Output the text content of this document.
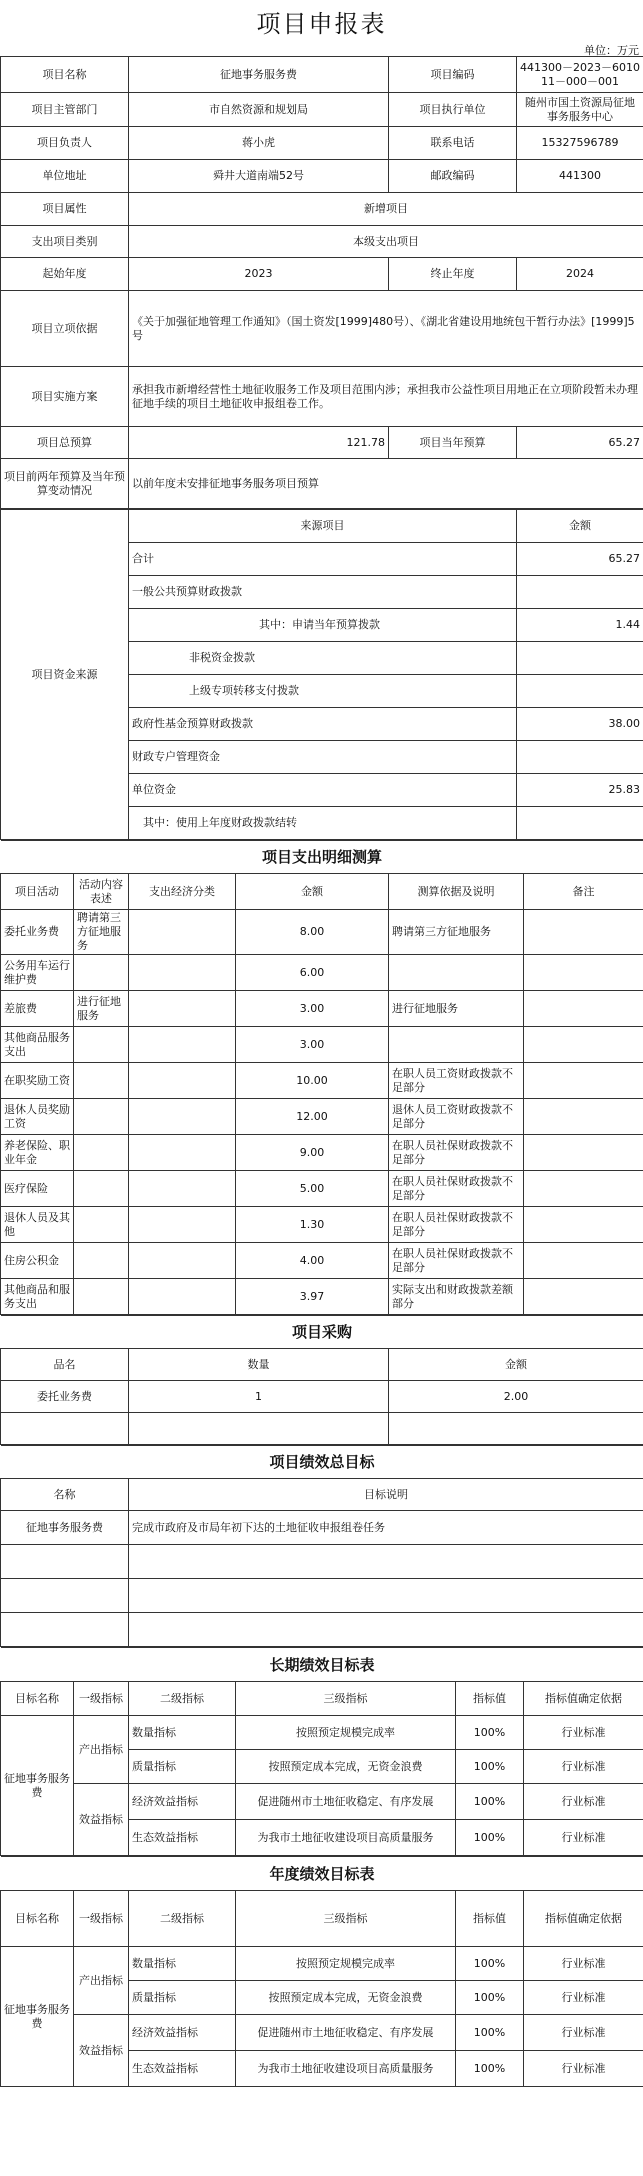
项目申报表
单位：万元
项目名称	征地事务服务费	项目编码	441300－2023－601011－000－001
项目主管部门	市自然资源和规划局	项目执行单位	随州市国土资源局征地事务服务中心
项目负责人	蒋小虎	联系电话	15327596789
单位地址	舜井大道南端52号	邮政编码	441300
项目属性	新增项目		
支出项目类别	本级支出项目		
起始年度	2023	终止年度	2024
项目立项依据	《关于加强征地管理工作通知》（国土资发[1999]480号）、《湖北省建设用地统包干暂行办法》[1999]5号		
项目实施方案	承担我市新增经营性土地征收服务工作及项目范围内涉；承担我市公益性项目用地正在立项阶段暂未办理征地手续的项目土地征收申报组卷工作。		
项目总预算	121.78	项目当年预算	65.27
项目前两年预算及当年预算变动情况	以前年度未安排征地事务服务项目预算		
项目资金来源	来源项目	金额
	合计	65.27
	一般公共预算财政拨款	
	其中：申请当年预算拨款	1.44
	非税资金拨款	
	上级专项转移支付拨款	
	政府性基金预算财政拨款	38.00
	财政专户管理资金	
	单位资金	25.83
	其中：使用上年度财政拨款结转	
项目支出明细测算					
项目活动	活动内容表述	支出经济分类	金额	测算依据及说明	备注
委托业务费	聘请第三方征地服务		8.00	聘请第三方征地服务	
公务用车运行维护费			6.00		
差旅费	进行征地服务		3.00	进行征地服务	
其他商品服务支出			3.00		
在职奖励工资			10.00	在职人员工资财政拨款不足部分	
退休人员奖励工资			12.00	退休人员工资财政拨款不足部分	
养老保险、职业年金			9.00	在职人员社保财政拨款不足部分	
医疗保险			5.00	在职人员社保财政拨款不足部分	
退休人员及其他			1.30	在职人员社保财政拨款不足部分	
住房公积金			4.00	在职人员社保财政拨款不足部分	
其他商品和服务支出			3.97	实际支出和财政拨款差额部分	
项目采购		
品名	数量	金额
委托业务费	1	2.00

项目绩效总目标	
名称	目标说明
征地事务服务费	完成市政府及市局年初下达的土地征收申报组卷任务

长期绩效目标表					
目标名称	一级指标	二级指标	三级指标	指标值	指标值确定依据
征地事务服务费	产出指标	数量指标	按照预定规模完成率	100%	行业标准
		质量指标	按照预定成本完成，无资金浪费	100%	行业标准
	效益指标	经济效益指标	促进随州市土地征收稳定、有序发展	100%	行业标准
		生态效益指标	为我市土地征收建设项目高质量服务	100%	行业标准
年度绩效目标表					
目标名称	一级指标	二级指标	三级指标	指标值	指标值确定依据
征地事务服务费	产出指标	数量指标	按照预定规模完成率	100%	行业标准
		质量指标	按照预定成本完成，无资金浪费	100%	行业标准
	效益指标	经济效益指标	促进随州市土地征收稳定、有序发展	100%	行业标准
		生态效益指标	为我市土地征收建设项目高质量服务	100%	行业标准
